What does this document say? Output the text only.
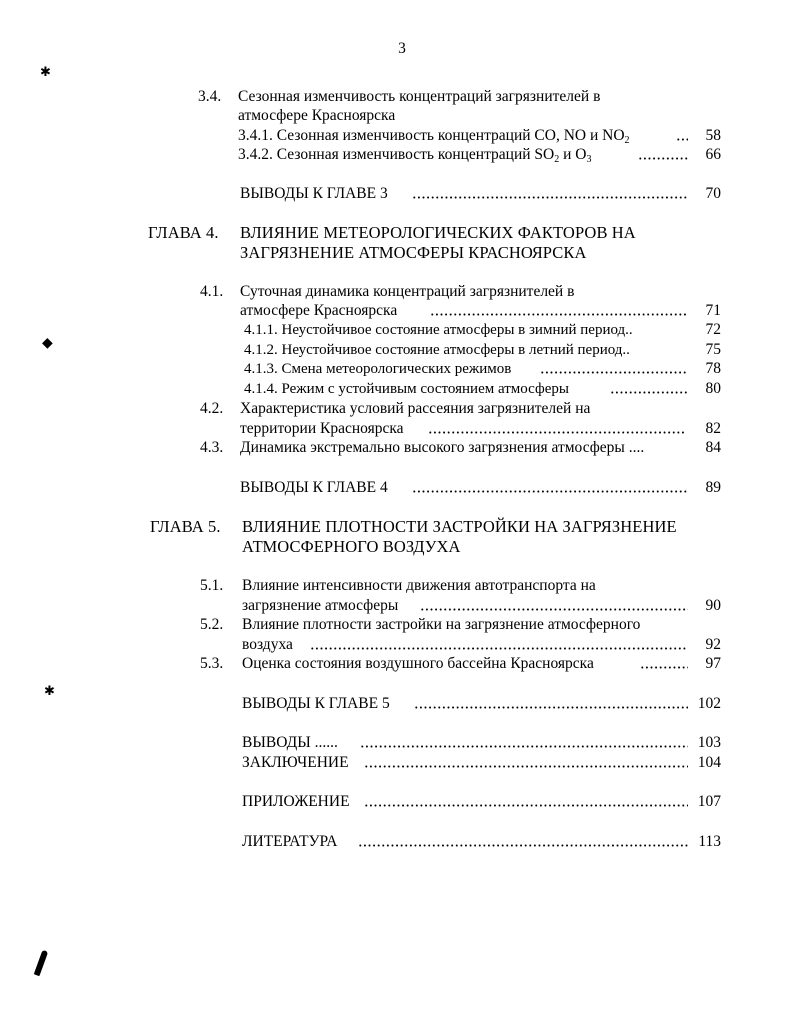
3
✱
◆
✱
3.4. Сезонная изменчивость концентраций загрязнителей в
атмосфере Красноярска
3.4.1. Сезонная изменчивость концентраций CO, NO и $NO_2$	58
3.4.2. Сезонная изменчивость концентраций $SO_2$ и $O_3$	66
ВЫВОДЫ К ГЛАВЕ 3	70
ГЛАВА 4. ВЛИЯНИЕ МЕТЕОРОЛОГИЧЕСКИХ ФАКТОРОВ НА
ЗАГРЯЗНЕНИЕ АТМОСФЕРЫ КРАСНОЯРСКА
4.1. Суточная динамика концентраций загрязнителей в
атмосфере Красноярска	71
4.1.1. Неустойчивое состояние атмосферы в зимний период..	72
4.1.2. Неустойчивое состояние атмосферы в летний период..	75
4.1.3. Смена метеорологических режимов	78
4.1.4. Режим с устойчивым состоянием атмосферы	80
4.2. Характеристика условий рассеяния загрязнителей на
территории Красноярска	82
4.3. Динамика экстремально высокого загрязнения атмосферы ....	84
ВЫВОДЫ К ГЛАВЕ 4	89
ГЛАВА 5. ВЛИЯНИЕ ПЛОТНОСТИ ЗАСТРОЙКИ НА ЗАГРЯЗНЕНИЕ
АТМОСФЕРНОГО ВОЗДУХА
5.1. Влияние интенсивности движения автотранспорта на
загрязнение атмосферы	90
5.2. Влияние плотности застройки на загрязнение атмосферного
воздуха	92
5.3. Оценка состояния воздушного бассейна Красноярска	97
ВЫВОДЫ К ГЛАВЕ 5	102
ВЫВОДЫ ......	103
ЗАКЛЮЧЕНИЕ	104
ПРИЛОЖЕНИЕ	107
ЛИТЕРАТУРА	113
